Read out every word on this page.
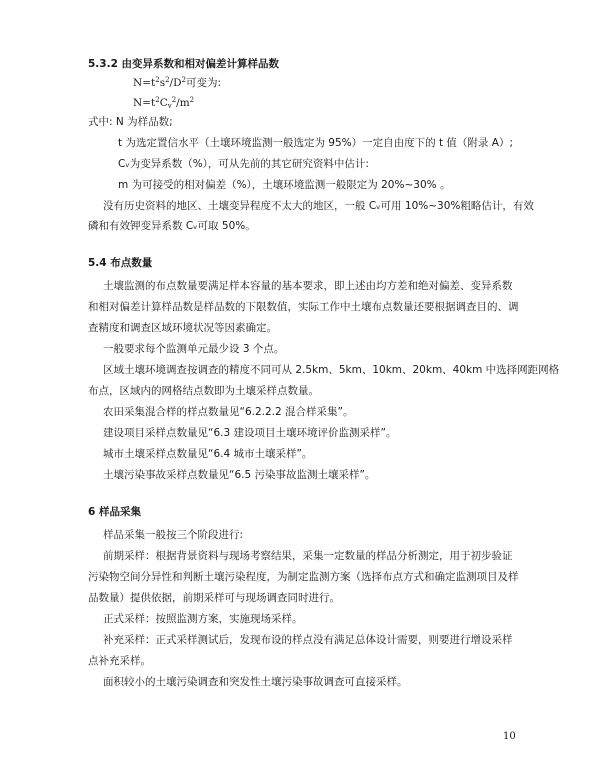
5.3.2 由变异系数和相对偏差计算样品数

$N=t^2s^2/D^2$可变为:

$N=t^2C_v^2/m^2$

式中: N 为样品数;

t 为选定置信水平（土壤环境监测一般选定为 95%）一定自由度下的 t 值（附录 A）;

Cᵥ为变异系数（%），可从先前的其它研究资料中估计:

m 为可接受的相对偏差（%），土壤环境监测一般限定为 20%~30% 。

没有历史资料的地区、土壤变异程度不太大的地区，一般 Cᵥ可用 10%~30%粗略估计，有效

磷和有效钾变异系数 Cᵥ可取 50%。

5.4 布点数量

土壤监测的布点数量要满足样本容量的基本要求，即上述由均方差和绝对偏差、变异系数

和相对偏差计算样品数是样品数的下限数值，实际工作中土壤布点数量还要根据调查目的、调

查精度和调查区域环境状况等因素确定。

一般要求每个监测单元最少设 3 个点。

区域土壤环境调查按调查的精度不同可从 2.5km、5km、10km、20km、40km 中选择网距网格

布点，区域内的网格结点数即为土壤采样点数量。

农田采集混合样的样点数量见“6.2.2.2 混合样采集”。

建设项目采样点数量见“6.3 建设项目土壤环境评价监测采样”。

城市土壤采样点数量见“6.4 城市土壤采样”。

土壤污染事故采样点数量见“6.5 污染事故监测土壤采样”。

6 样品采集

样品采集一般按三个阶段进行:

前期采样：根据背景资料与现场考察结果，采集一定数量的样品分析测定，用于初步验证

污染物空间分异性和判断土壤污染程度，为制定监测方案（选择布点方式和确定监测项目及样

品数量）提供依据，前期采样可与现场调查同时进行。

正式采样：按照监测方案，实施现场采样。

补充采样：正式采样测试后，发现布设的样点没有满足总体设计需要，则要进行增设采样

点补充采样。

面积较小的土壤污染调查和突发性土壤污染事故调查可直接采样。

10
